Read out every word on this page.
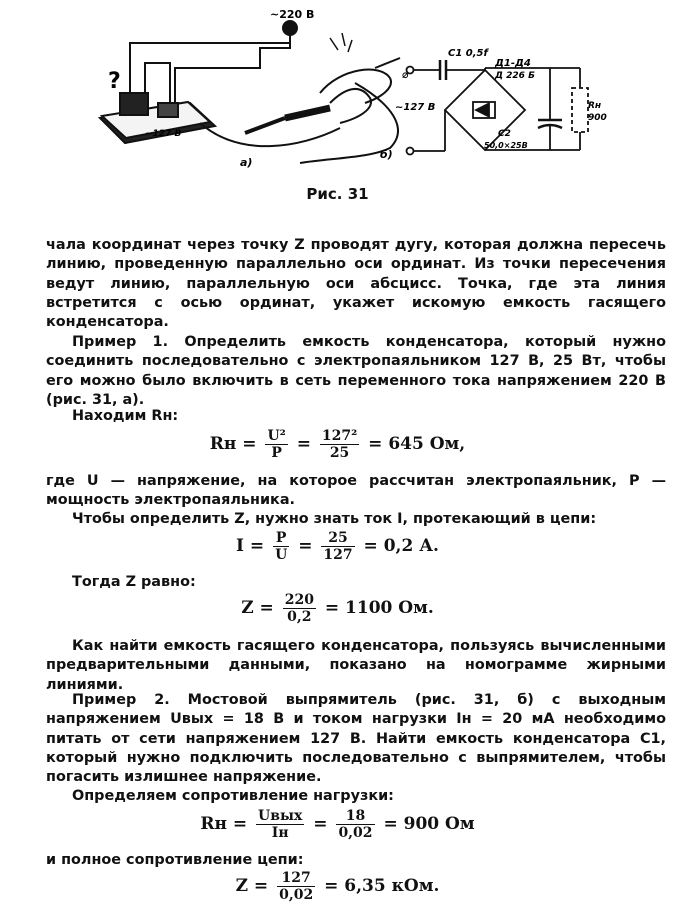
~220 В
?
~127 В
а)
⌀
С1 0,5f
Д1-Д4
Д 226 Б
~127 В
С2
50,0×25В
Rн
900
б)
Рис. 31

чала координат через точку Z проводят дугу, которая должна пересечь линию, проведенную параллельно оси ординат. Из точки пересечения ведут линию, параллельную оси абсцисс. Точка, где эта линия встретится с осью ординат, укажет искомую емкость гасящего конденсатора.

Пример 1. Определить емкость конденсатора, который нужно соединить последовательно с электропаяльником 127 В, 25 Вт, чтобы его можно было включить в сеть переменного тока напряжением 220 В (рис. 31, а).

Находим Rн:

Rн = $\frac{\text{U²}}{P} = \frac{\text{127²}}{25} = 645$ Ом,

где U — напряжение, на которое рассчитан электропаяльник, P — мощность электропаяльника.

Чтобы определить Z, нужно знать ток I, протекающий в цепи:

$I = \frac{P}{U} = \frac{25}{127} = 0,2$ А.

Тогда Z равно:

$Z = \frac{220}{0,2} = 1100$ Ом.

Как найти емкость гасящего конденсатора, пользуясь вычисленными предварительными данными, показано на номограмме жирными линиями.

Пример 2. Мостовой выпрямитель (рис. 31, б) с выходным напряжением Uвых = 18 В и током нагрузки Iн = 20 мА необходимо питать от сети напряжением 127 В. Найти емкость конденсатора С1, который нужно подключить последовательно с выпрямителем, чтобы погасить излишнее напряжение.

Определяем сопротивление нагрузки:

Rн = $\frac{\text{Uвых}}{Iн} = \frac{18}{0,02} = 900$ Ом

и полное сопротивление цепи:

$Z = \frac{127}{0,02} = 6,35$ кОм.
